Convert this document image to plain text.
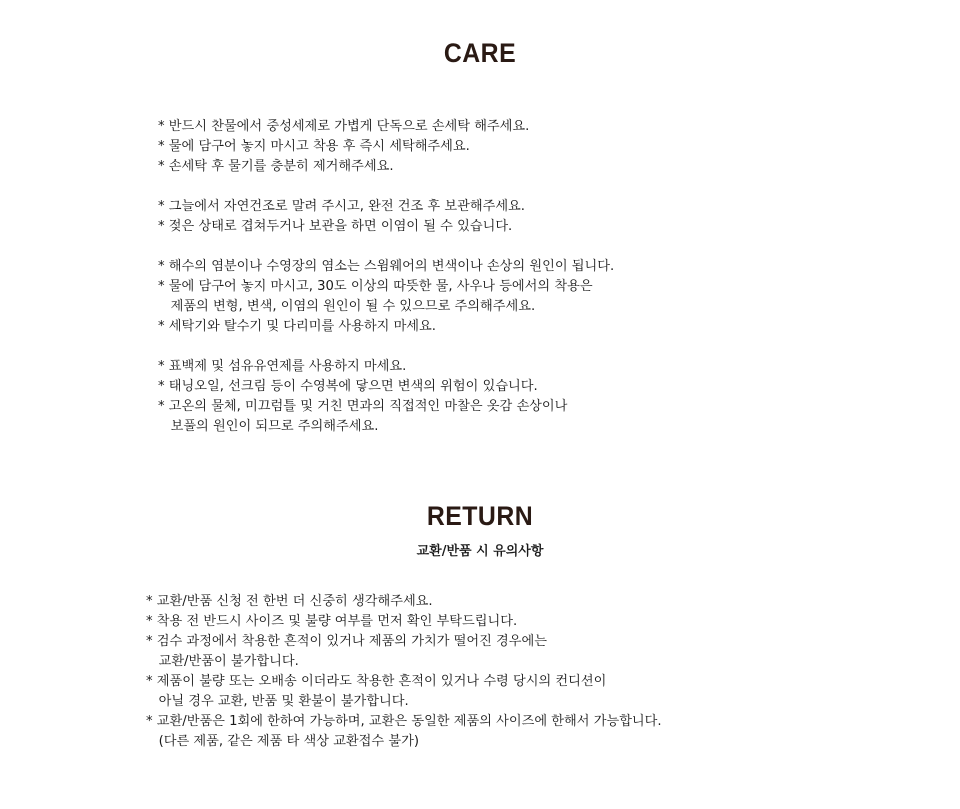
CARE
* 반드시 찬물에서 중성세제로 가볍게 단독으로 손세탁 해주세요.
* 물에 담구어 놓지 마시고 착용 후 즉시 세탁해주세요.
* 손세탁 후 물기를 충분히 제거해주세요.
* 그늘에서 자연건조로 말려 주시고, 완전 건조 후 보관해주세요.
* 젖은 상태로 겹쳐두거나 보관을 하면 이염이 될 수 있습니다.
* 해수의 염분이나 수영장의 염소는 스윔웨어의 변색이나 손상의 원인이 됩니다.
* 물에 담구어 놓지 마시고, 30도 이상의 따뜻한 물, 사우나 등에서의 착용은
제품의 변형, 변색, 이염의 원인이 될 수 있으므로 주의해주세요.
* 세탁기와 탈수기 및 다리미를 사용하지 마세요.
* 표백제 및 섬유유연제를 사용하지 마세요.
* 태닝오일, 선크림 등이 수영복에 닿으면 변색의 위험이 있습니다.
* 고온의 물체, 미끄럼틀 및 거친 면과의 직접적인 마찰은 옷감 손상이나
보풀의 원인이 되므로 주의해주세요.
RETURN
교환/반품 시 유의사항
* 교환/반품 신청 전 한번 더 신중히 생각해주세요.
* 착용 전 반드시 사이즈 및 불량 여부를 먼저 확인 부탁드립니다.
* 검수 과정에서 착용한 흔적이 있거나 제품의 가치가 떨어진 경우에는
교환/반품이 불가합니다.
* 제품이 불량 또는 오배송 이더라도 착용한 흔적이 있거나 수령 당시의 컨디션이
아닐 경우 교환, 반품 및 환불이 불가합니다.
* 교환/반품은 1회에 한하여 가능하며, 교환은 동일한 제품의 사이즈에 한해서 가능합니다.
(다른 제품, 같은 제품 타 색상 교환접수 불가)
